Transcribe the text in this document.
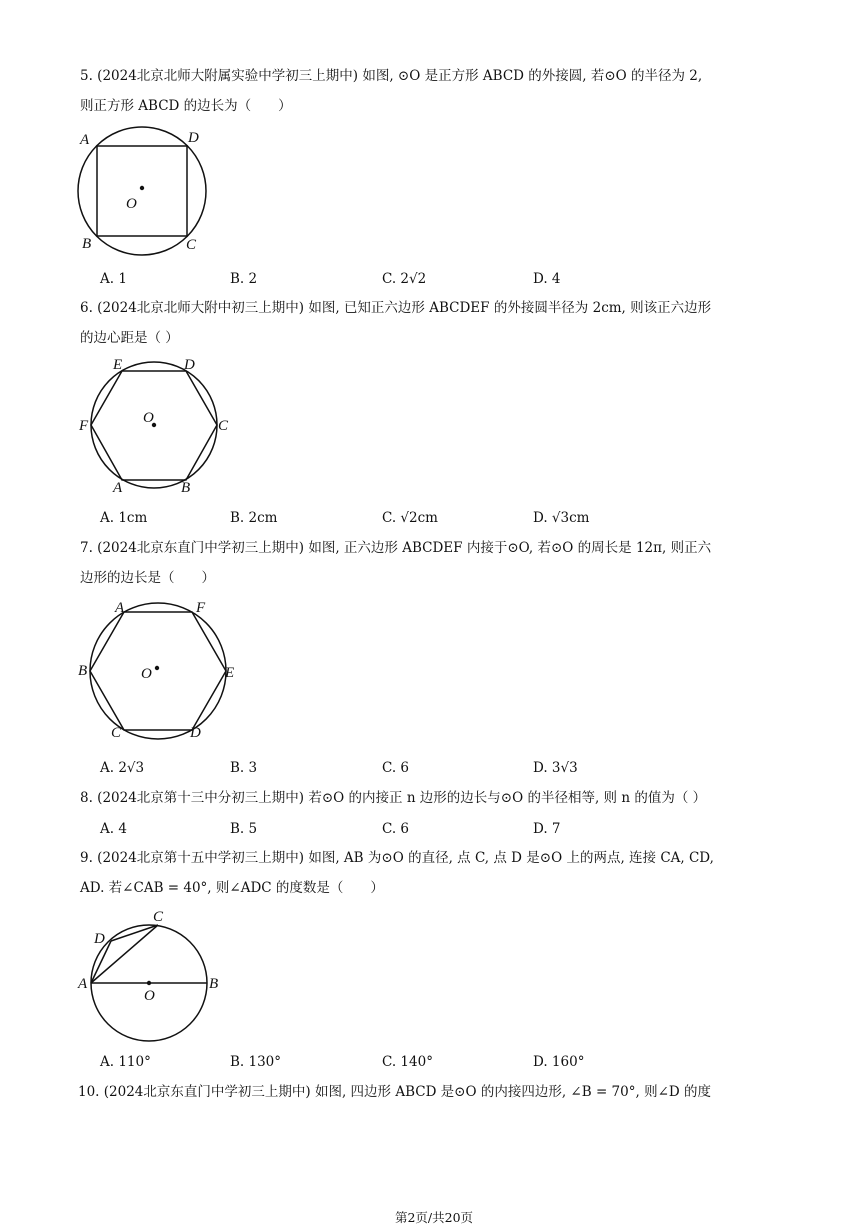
5. (2024北京北师大附属实验中学初三上期中) 如图, ⊙O 是正方形 ABCD 的外接圆, 若⊙O 的半径为 2,
则正方形 ABCD 的边长为（　　）
A	D
B	C
O
A. 1	B. 2	C. 2√2	D. 4
6. (2024北京北师大附中初三上期中) 如图, 已知正六边形 ABCDEF 的外接圆半径为 2cm, 则该正六边形
的边心距是（ ）
E	D
F	C
A	B
O
A. 1cm	B. 2cm	C. √2cm	D. √3cm
7. (2024北京东直门中学初三上期中) 如图, 正六边形 ABCDEF 内接于⊙O, 若⊙O 的周长是 12π, 则正六
边形的边长是（　　）
A	F
B	E
C	D
O
A. 2√3	B. 3	C. 6	D. 3√3
8. (2024北京第十三中分初三上期中) 若⊙O 的内接正 n 边形的边长与⊙O 的半径相等, 则 n 的值为（ ）
A. 4	B. 5	C. 6	D. 7
9. (2024北京第十五中学初三上期中) 如图, AB 为⊙O 的直径, 点 C, 点 D 是⊙O 上的两点, 连接 CA, CD,
AD. 若∠CAB = 40°, 则∠ADC 的度数是（　　）
C
D
A	B
O
A. 110°	B. 130°	C. 140°	D. 160°
10. (2024北京东直门中学初三上期中) 如图, 四边形 ABCD 是⊙O 的内接四边形, ∠B = 70°, 则∠D 的度
第2页/共20页
